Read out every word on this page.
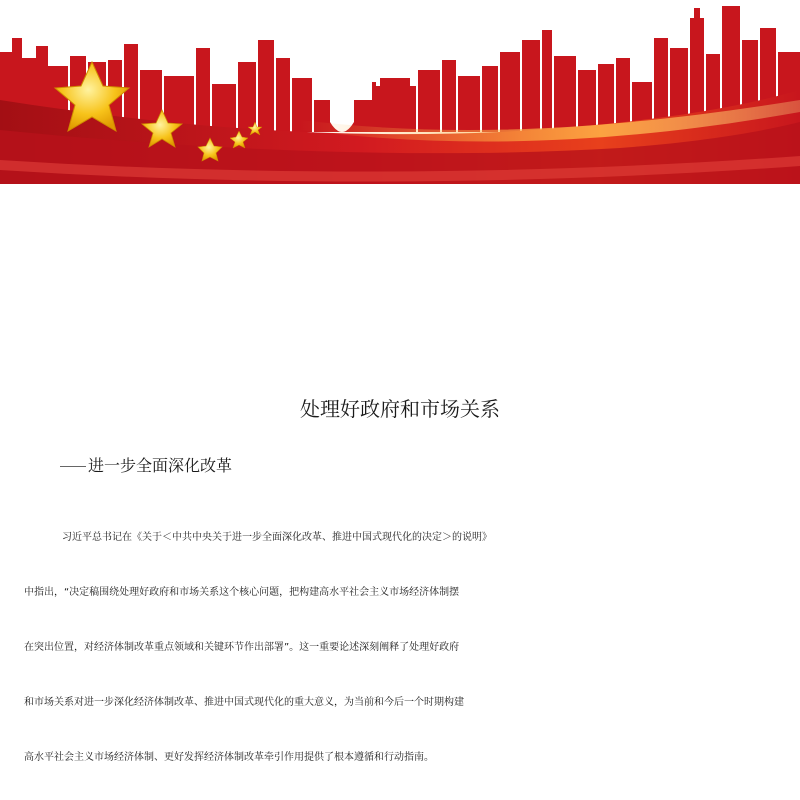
处理好政府和市场关系
进一步全面深化改革
习近平总书记在《关于＜中共中央关于进一步全面深化改革、推进中国式现代化的决定＞的说明》
中指出，“决定稿围绕处理好政府和市场关系这个核心问题，把构建高水平社会主义市场经济体制摆
在突出位置，对经济体制改革重点领域和关键环节作出部署”。这一重要论述深刻阐释了处理好政府
和市场关系对进一步深化经济体制改革、推进中国式现代化的重大意义，为当前和今后一个时期构建
高水平社会主义市场经济体制、更好发挥经济体制改革牵引作用提供了根本遵循和行动指南。
